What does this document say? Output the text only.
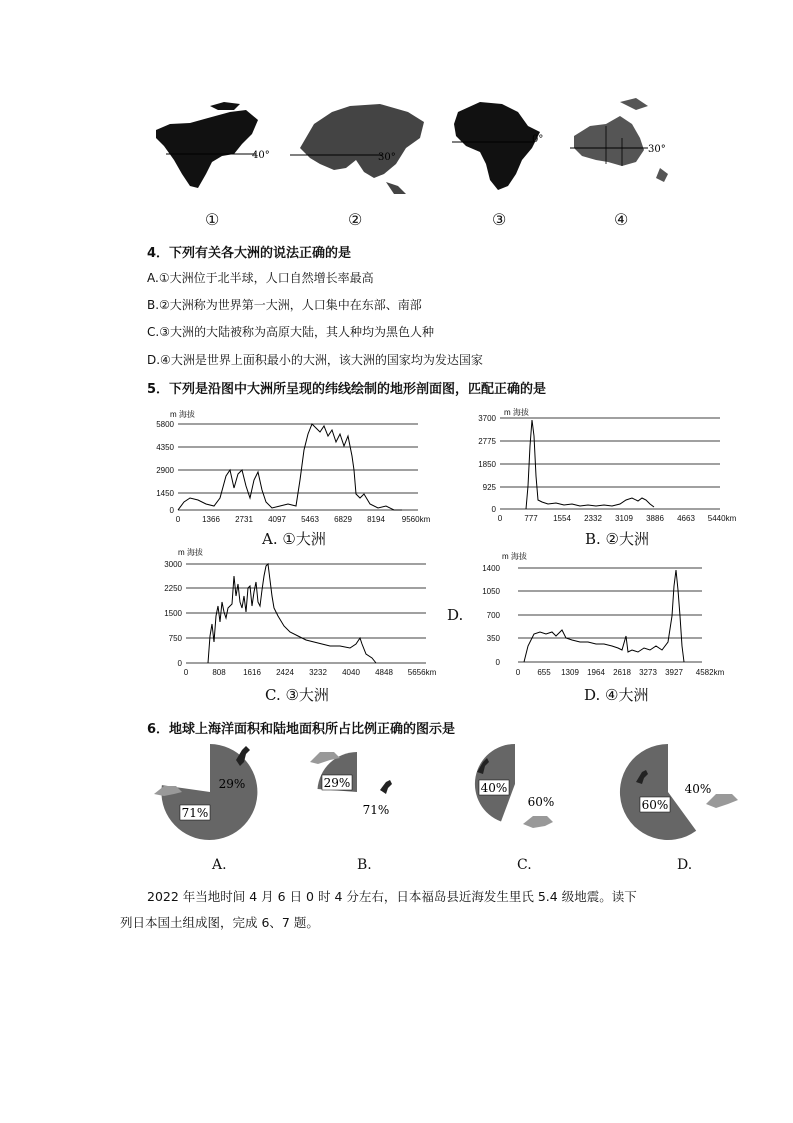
40°	30°
0°
30°
①	②	③	④
4．下列有关各大洲的说法正确的是
A.①大洲位于北半球，人口自然增长率最高
B.②大洲称为世界第一大洲，人口集中在东部、南部
C.③大洲的大陆被称为高原大陆，其人种均为黑色人种
D.④大洲是世界上面积最小的大洲，该大洲的国家均为发达国家
5．下列是沿图中大洲所呈现的纬线绘制的地形剖面图，匹配正确的是
m 海拔
5800
4350
2900
1450
0
0	1366 2731 4097 5463 6829 8194 9560km
A. ①大洲
m 海拔
3700
2775
1850
925
0
0	777 1554 2332 3109 3886 4663 5440km
B. ②大洲
m 海拔
3000
2250
1500
750
0
0	808 1616 2424 3232 4040 4848 5656km
C. ③大洲
D.
m 海拔
1400
1050
700
350
0
0 655 1309 1964 2618 3273 3927 4582km
D. ④大洲
6．地球上海洋面积和陆地面积所占比例正确的图示是
71%
29%
A.
29%
71%
B.
40%
60%
C.
60%
40%
D.
2022 年当地时间 4 月 6 日 0 时 4 分左右，日本福岛县近海发生里氏 5.4 级地震。读下
列日本国土组成图，完成 6、7 题。
